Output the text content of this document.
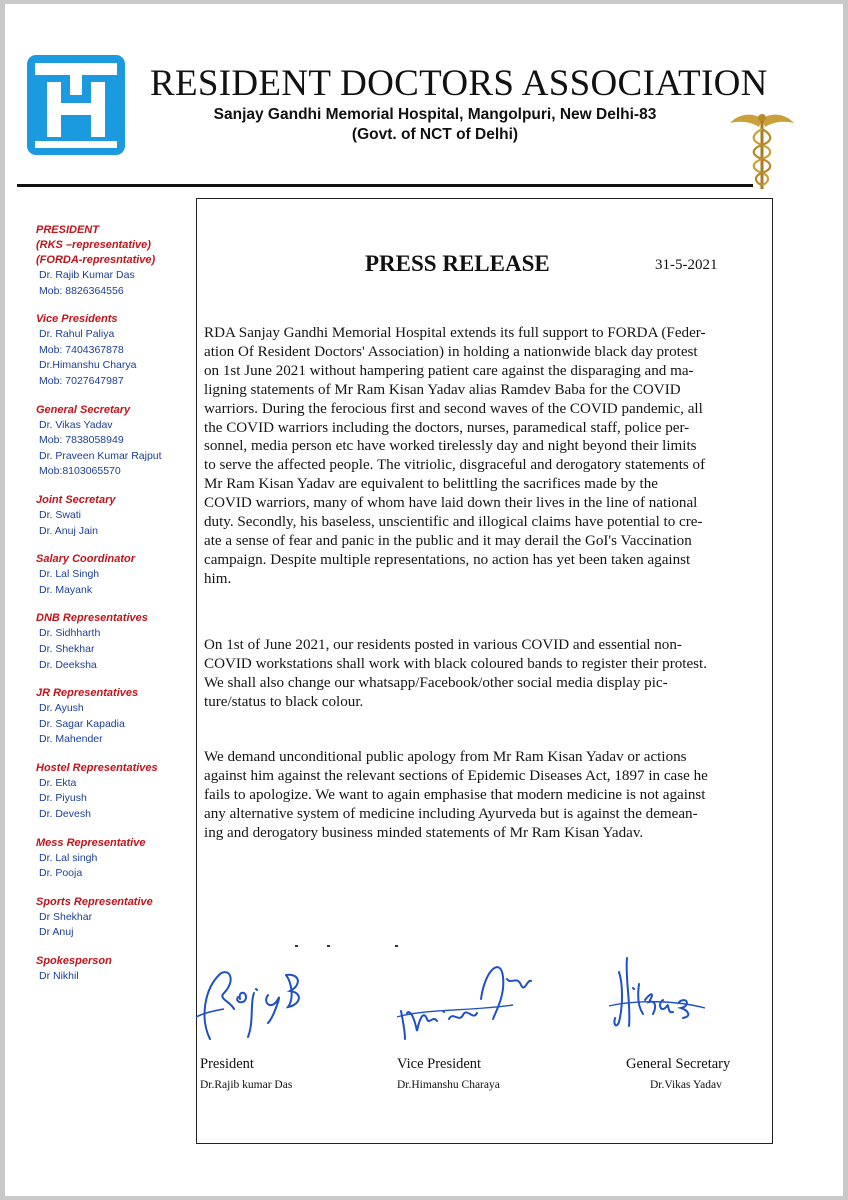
RESIDENT DOCTORS ASSOCIATION
Sanjay Gandhi Memorial Hospital, Mangolpuri, New Delhi-83
(Govt. of NCT of Delhi)
PRESIDENT
(RKS –representative)
(FORDA-represntative)
Dr. Rajib Kumar Das
Mob: 8826364556
Vice Presidents
Dr. Rahul Paliya
Mob: 7404367878
Dr.Himanshu Charya
Mob: 7027647987
General Secretary
Dr. Vikas Yadav
Mob: 7838058949
Dr. Praveen Kumar Rajput
Mob:8103065570
Joint Secretary
Dr. Swati
Dr. Anuj Jain
Salary Coordinator
Dr. Lal Singh
Dr. Mayank
DNB Representatives
Dr. Sidhharth
Dr. Shekhar
Dr. Deeksha
JR Representatives
Dr. Ayush
Dr. Sagar Kapadia
Dr. Mahender
Hostel Representatives
Dr. Ekta
Dr. Piyush
Dr. Devesh
Mess Representative
Dr. Lal singh
Dr. Pooja
Sports Representative
Dr Shekhar
Dr Anuj
Spokesperson
Dr Nikhil
PRESS RELEASE	31-5-2021

RDA Sanjay Gandhi Memorial Hospital extends its full support to FORDA (Feder-
ation Of Resident Doctors' Association) in holding a nationwide black day protest
on 1st June 2021 without hampering patient care against the disparaging and ma-
ligning statements of Mr Ram Kisan Yadav alias Ramdev Baba for the COVID
warriors. During the ferocious first and second waves of the COVID pandemic, all
the COVID warriors including the doctors, nurses, paramedical staff, police per-
sonnel, media person etc have worked tirelessly day and night beyond their limits
to serve the affected people. The vitriolic, disgraceful and derogatory statements of
Mr Ram Kisan Yadav are equivalent to belittling the sacrifices made by the
COVID warriors, many of whom have laid down their lives in the line of national
duty. Secondly, his baseless, unscientific and illogical claims have potential to cre-
ate a sense of fear and panic in the public and it may derail the GoI's Vaccination
campaign. Despite multiple representations, no action has yet been taken against
him.

On 1st of June 2021, our residents posted in various COVID and essential non-
COVID workstations shall work with black coloured bands to register their protest.
We shall also change our whatsapp/Facebook/other social media display pic-
ture/status to black colour.

We demand unconditional public apology from Mr Ram Kisan Yadav or actions
against him against the relevant sections of Epidemic Diseases Act, 1897 in case he
fails to apologize. We want to again emphasise that modern medicine is not against
any alternative system of medicine including Ayurveda but is against the demean-
ing and derogatory business minded statements of Mr Ram Kisan Yadav.

President
Dr.Rajib kumar Das
Vice President
Dr.Himanshu Charaya
General Secretary
Dr.Vikas Yadav
